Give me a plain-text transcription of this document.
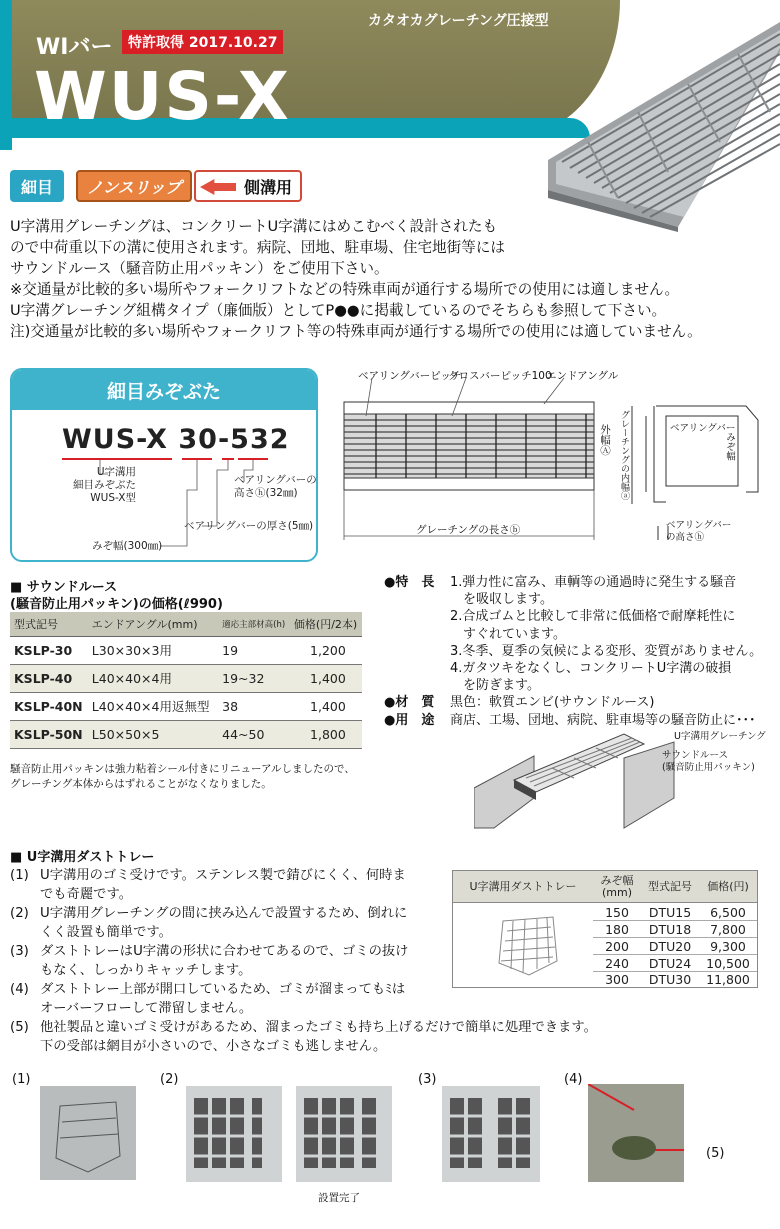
WIバー	特許取得 2017.10.27
WUS-X
カタオカグレーチング圧接型
細目	ノンスリップ	側溝用

U字溝用グレーチングは、コンクリートU字溝にはめこむべく設計されたも

ので中荷重以下の溝に使用されます。病院、団地、駐車場、住宅地街等には

サウンドルース（騒音防止用パッキン）をご使用下さい。

※交通量が比較的多い場所やフォークリフトなどの特殊車両が通行する場所での使用には適しません。

U字溝グレーチング組構タイプ（廉価版）としてP●●に掲載しているのでそちらも参照して下さい。

注)交通量が比較的多い場所やフォークリフト等の特殊車両が通行する場所での使用には適していません。

細目みぞぶた
WUS-X 30-532
U字溝用
細目みぞぶた
WUS-X型
ベアリングバーの
高さⓗ(32㎜)
ベアリングバーの厚さ(5㎜)
みぞ幅(300㎜)
ベアリングバーピッチ
クロスバーピッチ100
エンドアングル
グレーチングの長さⓑ
外幅Ⓐ グレーチングの内幅ⓐ	ベアリングバー
みぞ幅
ベアリングバー
の高さⓗ
■ サウンドルース
(騒音防止用パッキン)の価格(ℓ990)
型式記号	エンドアングル(mm)	適応主部材高(h)	価格(円/2本)
KSLP-30	L30×30×3用	19	1,200
KSLP-40	L40×40×4用	19~32	1,400
KSLP-40N	L40×40×4用返無型	38	1,400
KSLP-50N	L50×50×5	44~50	1,800
騒音防止用パッキンは強力粘着シール付きにリニューアルしましたので、
グレーチング本体からはずれることがなくなりました。
●特　長 1.弾力性に富み、車輌等の通過時に発生する騒音
　を吸収します。
2.合成ゴムと比較して非常に低価格で耐摩耗性に
　すぐれています。
3.冬季、夏季の気候による変形、変質がありません。
4.ガタツキをなくし、コンクリートU字溝の破損
　を防ぎます。
●材　質 黒色：軟質エンビ(サウンドルース)
●用　途 商店、工場、団地、病院、駐車場等の騒音防止に･･･
U字溝用グレーチング
サウンドルース
(騒音防止用パッキン)
■ U字溝用ダストトレー
(1) U字溝用のゴミ受けです。ステンレス製で錆びにくく、何時ま
でも奇麗です。
(2) U字溝用グレーチングの間に挟み込んで設置するため、倒れに
くく設置も簡単です。
(3) ダストトレーはU字溝の形状に合わせてあるので、ゴミの抜け
もなく、しっかりキャッチします。
(4) ダストトレー上部が開口しているため、ゴミが溜まってもﾐは
オーバーフローして滞留しません。
(5) 他社製品と違いゴミ受けがあるため、溜まったゴミも持ち上げるだけで簡単に処理できます。
下の受部は網目が小さいので、小さなゴミも逃しません。
U字溝用ダストトレー	みぞ幅
(mm)	型式記号	価格(円)
150	DTU15	6,500
180	DTU18	7,800
200	DTU20	9,300
240	DTU24	10,500
300	DTU30	11,800
(1)	(2)	(3)	(4)
(5)
設置完了
